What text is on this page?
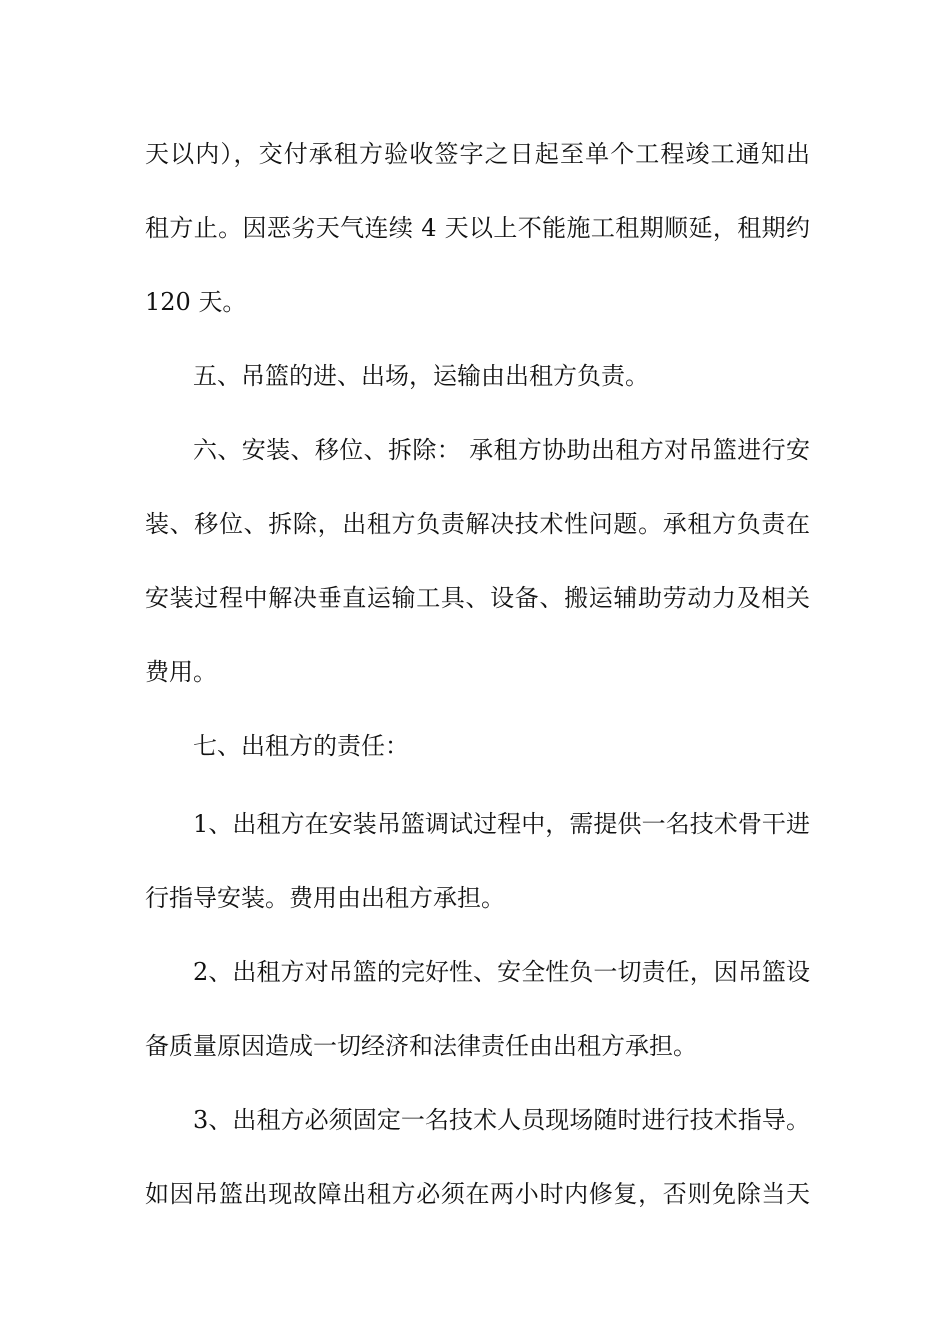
天以内），交付承租方验收签字之日起至单个工程竣工通知出
租方止。因恶劣天气连续 4 天以上不能施工租期顺延，租期约
120 天。
五、吊篮的进、出场，运输由出租方负责。
六、安装、移位、拆除： 承租方协助出租方对吊篮进行安
装、移位、拆除，出租方负责解决技术性问题。承租方负责在
安装过程中解决垂直运输工具、设备、搬运辅助劳动力及相关
费用。
七、出租方的责任：
1、出租方在安装吊篮调试过程中，需提供一名技术骨干进
行指导安装。费用由出租方承担。
2、出租方对吊篮的完好性、安全性负一切责任，因吊篮设
备质量原因造成一切经济和法律责任由出租方承担。
3、出租方必须固定一名技术人员现场随时进行技术指导。
如因吊篮出现故障出租方必须在两小时内修复，否则免除当天
